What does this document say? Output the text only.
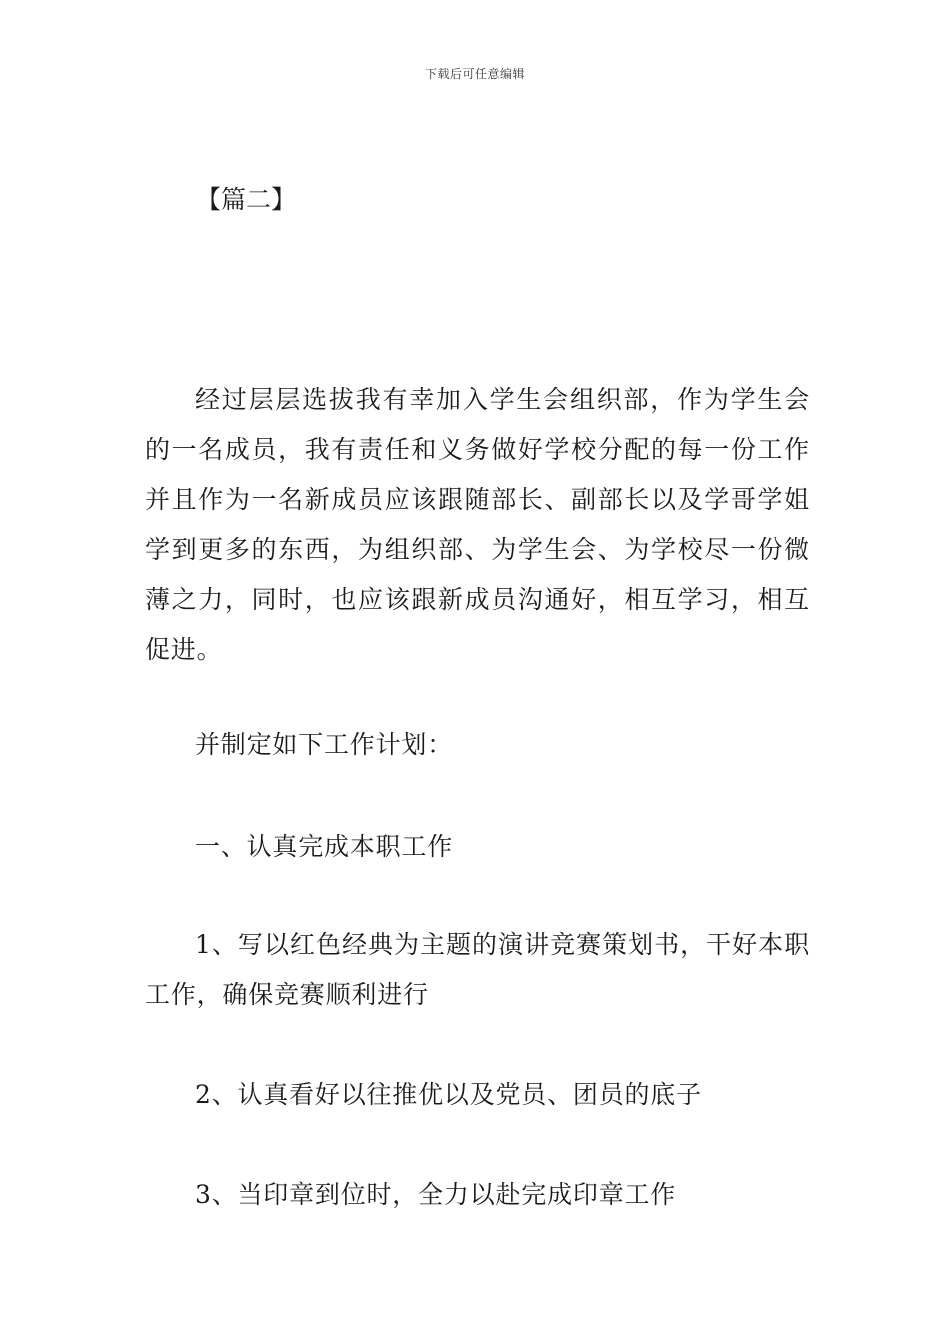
下载后可任意编辑
【篇二】

经过层层选拔我有幸加入学生会组织部，作为学生会的一名成员，我有责任和义务做好学校分配的每一份工作并且作为一名新成员应该跟随部长、副部长以及学哥学姐学到更多的东西，为组织部、为学生会、为学校尽一份微薄之力，同时，也应该跟新成员沟通好，相互学习，相互促进。

并制定如下工作计划：

一、认真完成本职工作

1、写以红色经典为主题的演讲竞赛策划书，干好本职工作，确保竞赛顺利进行

2、认真看好以往推优以及党员、团员的底子

3、当印章到位时，全力以赴完成印章工作
